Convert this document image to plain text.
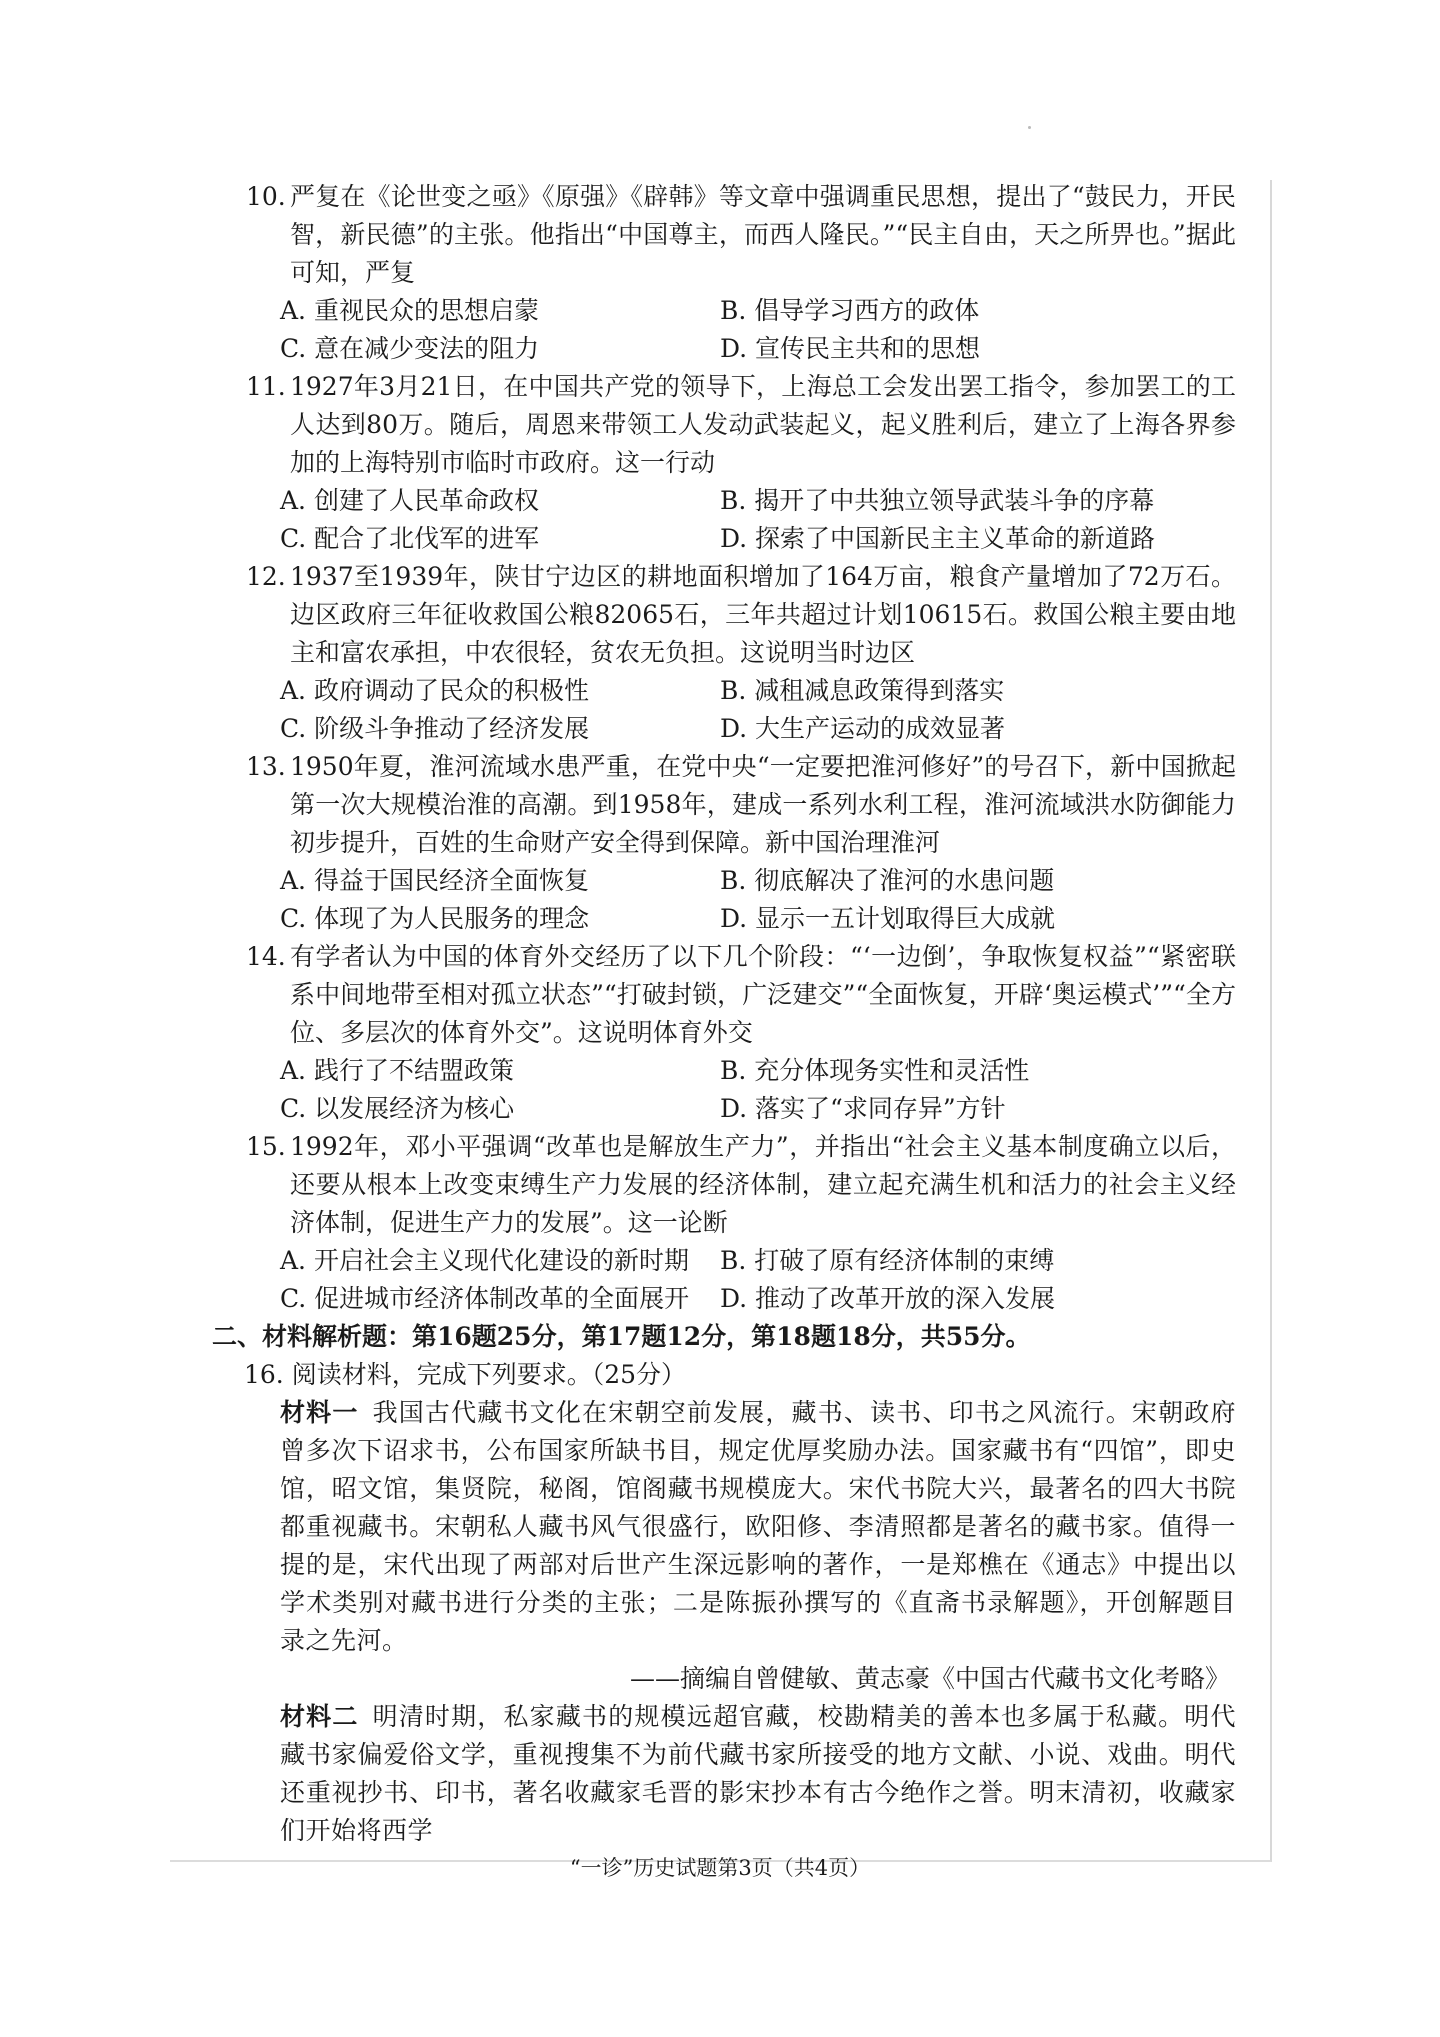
10. 严复在《论世变之亟》《原强》《辟韩》等文章中强调重民思想，提出了“鼓民力，开民智，新民德”的主张。他指出“中国尊主，而西人隆民。”“民主自由，天之所畀也。”据此可知，严复
A. 重视民众的思想启蒙	B. 倡导学习西方的政体
C. 意在减少变法的阻力	D. 宣传民主共和的思想
11. 1927年3月21日，在中国共产党的领导下，上海总工会发出罢工指令，参加罢工的工人达到80万。随后，周恩来带领工人发动武装起义，起义胜利后，建立了上海各界参加的上海特别市临时市政府。这一行动
A. 创建了人民革命政权	B. 揭开了中共独立领导武装斗争的序幕
C. 配合了北伐军的进军	D. 探索了中国新民主主义革命的新道路
12. 1937至1939年，陕甘宁边区的耕地面积增加了164万亩，粮食产量增加了72万石。边区政府三年征收救国公粮82065石，三年共超过计划10615石。救国公粮主要由地主和富农承担，中农很轻，贫农无负担。这说明当时边区
A. 政府调动了民众的积极性	B. 减租减息政策得到落实
C. 阶级斗争推动了经济发展	D. 大生产运动的成效显著
13. 1950年夏，淮河流域水患严重，在党中央“一定要把淮河修好”的号召下，新中国掀起第一次大规模治淮的高潮。到1958年，建成一系列水利工程，淮河流域洪水防御能力初步提升，百姓的生命财产安全得到保障。新中国治理淮河
A. 得益于国民经济全面恢复	B. 彻底解决了淮河的水患问题
C. 体现了为人民服务的理念	D. 显示一五计划取得巨大成就
14. 有学者认为中国的体育外交经历了以下几个阶段：“‘一边倒’，争取恢复权益”“紧密联系中间地带至相对孤立状态”“打破封锁，广泛建交”“全面恢复，开辟‘奥运模式’”“全方位、多层次的体育外交”。这说明体育外交
A. 践行了不结盟政策	B. 充分体现务实性和灵活性
C. 以发展经济为核心	D. 落实了“求同存异”方针
15. 1992年，邓小平强调“改革也是解放生产力”，并指出“社会主义基本制度确立以后，还要从根本上改变束缚生产力发展的经济体制，建立起充满生机和活力的社会主义经济体制，促进生产力的发展”。这一论断
A. 开启社会主义现代化建设的新时期	B. 打破了原有经济体制的束缚
C. 促进城市经济体制改革的全面展开	D. 推动了改革开放的深入发展
二、材料解析题：第16题25分，第17题12分，第18题18分，共55分。
16. 阅读材料，完成下列要求。（25分）
材料一 我国古代藏书文化在宋朝空前发展，藏书、读书、印书之风流行。宋朝政府曾多次下诏求书，公布国家所缺书目，规定优厚奖励办法。国家藏书有“四馆”，即史馆，昭文馆，集贤院，秘阁，馆阁藏书规模庞大。宋代书院大兴，最著名的四大书院都重视藏书。宋朝私人藏书风气很盛行，欧阳修、李清照都是著名的藏书家。值得一提的是，宋代出现了两部对后世产生深远影响的著作，一是郑樵在《通志》中提出以学术类别对藏书进行分类的主张；二是陈振孙撰写的《直斋书录解题》，开创解题目录之先河。
——摘编自曾健敏、黄志豪《中国古代藏书文化考略》
材料二 明清时期，私家藏书的规模远超官藏，校勘精美的善本也多属于私藏。明代藏书家偏爱俗文学，重视搜集不为前代藏书家所接受的地方文献、小说、戏曲。明代还重视抄书、印书，著名收藏家毛晋的影宋抄本有古今绝作之誉。明末清初，收藏家们开始将西学
“一诊”历史试题第3页（共4页）
